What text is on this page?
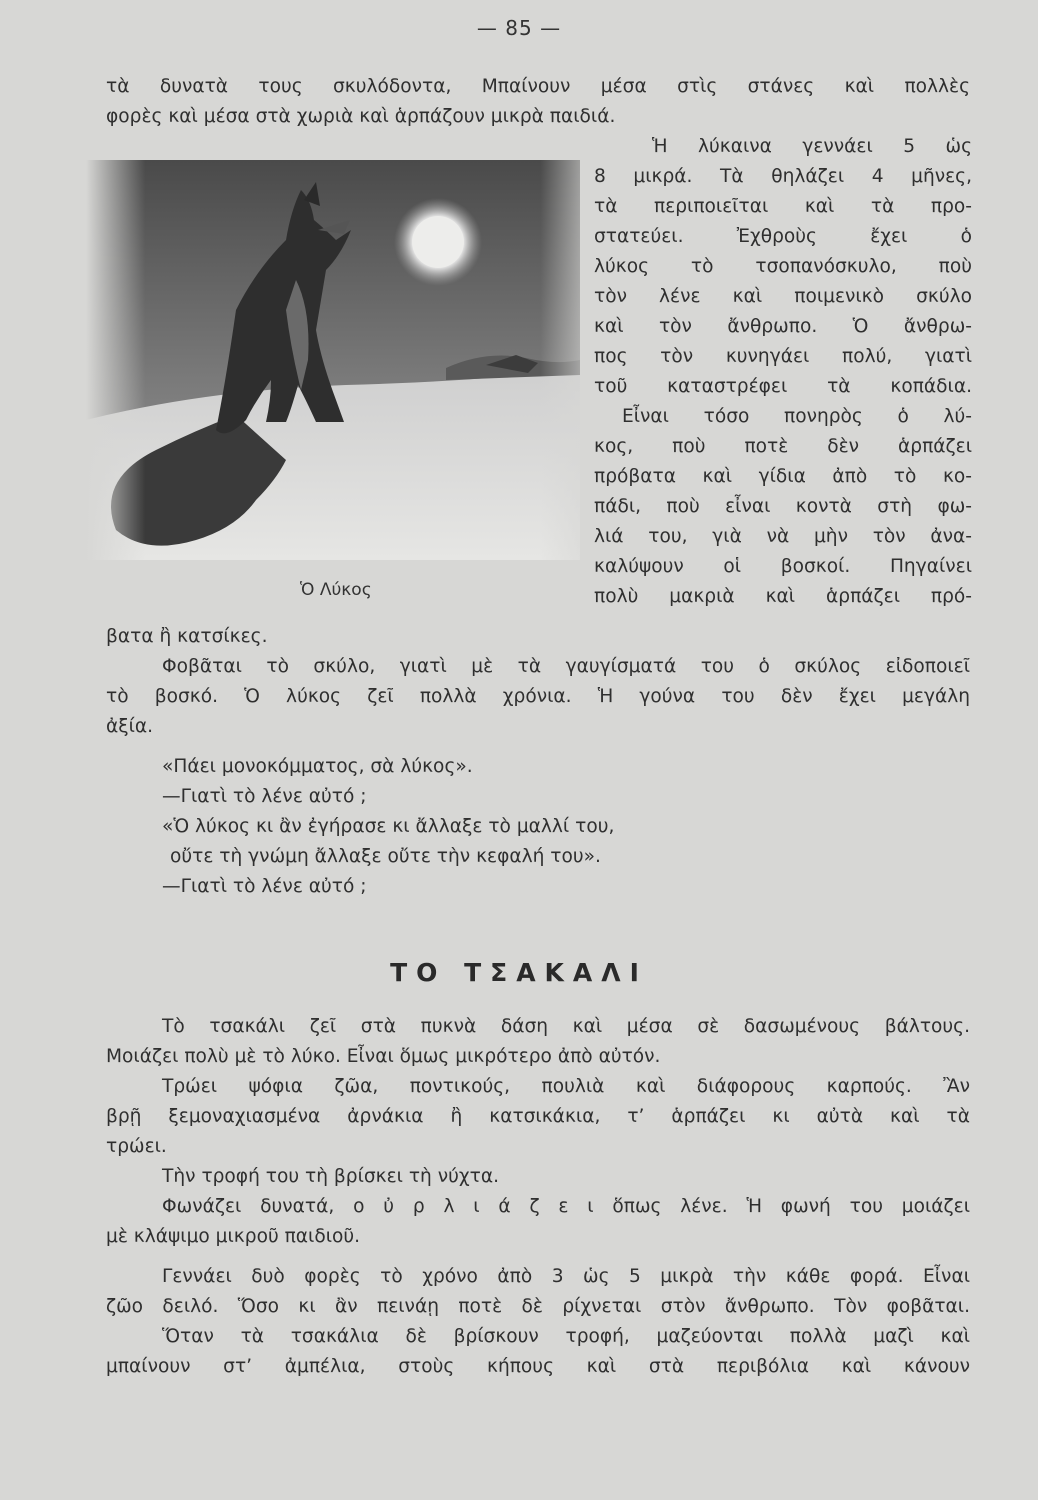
— 85 —
τὰ δυνατὰ τους σκυλόδοντα, Μπαίνουν μέσα στὶς στάνες καὶ πολλὲς
φορὲς καὶ μέσα στὰ χωριὰ καὶ ἁρπάζουν μικρὰ παιδιά.
Ὁ Λύκος
Ἡ λύκαινα γεννάει 5 ὡς
8 μικρά. Τὰ θηλάζει 4 μῆνες,
τὰ περιποιεῖται καὶ τὰ προ-
στατεύει. Ἐχθροὺς ἔχει ὁ
λύκος τὸ τσοπανόσκυλο, ποὺ
τὸν λένε καὶ ποιμενικὸ σκύλο
καὶ τὸν ἄνθρωπο. Ὁ ἄνθρω-
πος τὸν κυνηγάει πολύ, γιατὶ
τοῦ καταστρέφει τὰ κοπάδια.
Εἶναι τόσο πονηρὸς ὁ λύ-
κος, ποὺ ποτὲ δὲν ἁρπάζει
πρόβατα καὶ γίδια ἀπὸ τὸ κο-
πάδι, ποὺ εἶναι κοντὰ στὴ φω-
λιά του, γιὰ νὰ μὴν τὸν ἀνα-
καλύψουν οἱ βοσκοί. Πηγαίνει
πολὺ μακριὰ καὶ ἁρπάζει πρό-
βατα ἢ κατσίκες.
Φοβᾶται τὸ σκύλο, γιατὶ μὲ τὰ γαυγίσματά του ὁ σκύλος εἰδοποιεῖ
τὸ βοσκό. Ὁ λύκος ζεῖ πολλὰ χρόνια. Ἡ γούνα του δὲν ἔχει μεγάλη
ἀξία.
«Πάει μονοκόμματος, σὰ λύκος».
—Γιατὶ τὸ λένε αὐτό ;
«Ὁ λύκος κι ἂν ἐγήρασε κι ἄλλαξε τὸ μαλλί του,
οὔτε τὴ γνώμη ἄλλαξε οὔτε τὴν κεφαλή του».
—Γιατὶ τὸ λένε αὐτό ;
ΤΟ ΤΣΑΚΑΛΙ
Τὸ τσακάλι ζεῖ στὰ πυκνὰ δάση καὶ μέσα σὲ δασωμένους βάλτους.
Μοιάζει πολὺ μὲ τὸ λύκο. Εἶναι ὅμως μικρότερο ἀπὸ αὐτόν.
Τρώει ψόφια ζῶα, ποντικούς, πουλιὰ καὶ διάφορους καρπούς. Ἂν
βρῇ ξεμοναχιασμένα ἀρνάκια ἢ κατσικάκια, τ’ ἁρπάζει κι αὐτὰ καὶ τὰ
τρώει.
Τὴν τροφή του τὴ βρίσκει τὴ νύχτα.
Φωνάζει δυνατά, ο ὐ ρ λ ι ά ζ ε ι ὅπως λένε. Ἡ φωνή του μοιάζει
μὲ κλάψιμο μικροῦ παιδιοῦ.
Γεννάει δυὸ φορὲς τὸ χρόνο ἀπὸ 3 ὡς 5 μικρὰ τὴν κάθε φορά. Εἶναι
ζῶο δειλό. Ὅσο κι ἂν πεινάῃ ποτὲ δὲ ρίχνεται στὸν ἄνθρωπο. Τὸν φοβᾶται.
Ὅταν τὰ τσακάλια δὲ βρίσκουν τροφή, μαζεύονται πολλὰ μαζὶ καὶ
μπαίνουν στ’ ἀμπέλια, στοὺς κήπους καὶ στὰ περιβόλια καὶ κάνουν
